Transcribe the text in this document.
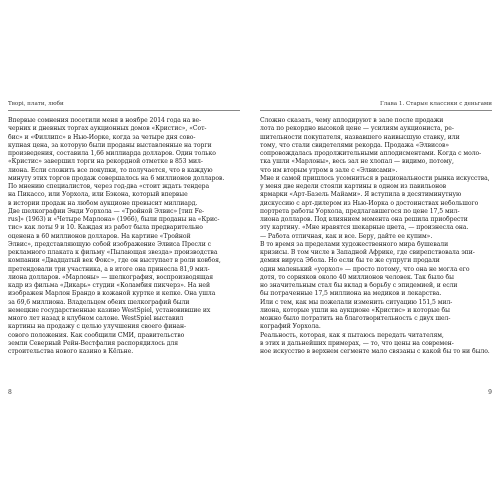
Творі, плати, люби
Впервые сомнения посетили меня в ноябре 2014 года на ве-
черних и дневных торгах аукционных домов «Кристис», «Сот-
бис» и «Филлипс» в Нью-Йорке, когда за четыре дня сово-
купная цена, за которую были проданы выставленные на торги
произведения, составила 1,66 миллиарда долларов. Один только
«Кристис» завершил торги на рекордной отметке в 853 мил-
лиона. Если сложить все покупки, то получается, что в каждую
минуту этих торгов продаж совершалось на 6 миллионов долларов.
По мнению специалистов, через год-два «стоит ждать тендера
на Пикассо, или Уорхола, или Бэкона, который впервые
в истории продаж на любом аукционе превысит миллиард.
Две шелкографии Энди Уорхола — «Тройной Элвис» [тип Fe-
rus]» (1963) и «Четыре Марлона» (1966), были проданы на «Крис-
тис» как лоты 9 и 10. Каждая из работ была предварительно
оценена в 60 миллионов долларов. На картине «Тройной
Элвис», представляющую собой изображение Элвиса Пресли с
рекламного плаката к фильму «Пылающая звезда» производства
компании «Двадцатый век Фокс», где он выступает в роли ковбоя,
претендовали три участника, а в итоге она принесла 81,9 мил-
лиона долларов. «Марлоны» — шелкография, воспроизводящая
кадр из фильма «Дикарь» студии «Коламбия пикчерз». На ней
изображен Марлон Брандо в кожаной куртке и кепке. Она ушла
за 69,6 миллиона. Владельцем обеих шелкографий были
немецкие государственные казино WestSpiel, установившие их
много лет назад в клубном салоне. WestSpiel выставил
картины на продажу с целью улучшения своего финан-
сового положения. Как сообщили СМИ, правительство
земли Северный Рейн-Вестфалия распорядилось для
строительства нового казино в Кёльне.
8
Глава 1. Старые классики с деньгами
Сложно сказать, чему аплодируют в зале после продажи
лота по рекордно высокой цене — усилиям аукциониста, ре-
шительности покупателя, назвавшего наивысшую ставку, или
тому, что стали свидетелями рекорда. Продажа «Элвисов»
сопровождалась продолжительными аплодисментами. Когда с моло-
тка ушли «Марлоны», весь зал не хлопал — видимо, потому,
что им вторым утром в зале с «Элвисами».
Мне и самой пришлось усомниться в рациональности рынка искусства,
у меня две недели стояли картины в одном из павильонов
ярмарки «Арт-Базель Майами». Я вступила в десятиминутную
дискуссию с арт-дилером из Нью-Йорка о достоинствах небольшого
портрета работы Уорхола, предлагавшегося по цене 17,5 мил-
лиона долларов. Под влиянием момента она решила приобрести
эту картину. «Мне нравятся шекарные цвета, — произнесла она.
— Работа отличная, как и все. Беру, дайте ее купим».
В то время за пределами художественного мира бушевали
кризисы. В том числе в Западной Африке, где свирепствовала эпи-
демия вируса Эбола. Но если бы те же супруги продали
один маленький «уорхол» — просто потому, что она не могла его
дотя, то сорняков около 40 миллионов человек. Так было бы
но значительным стал бы вклад в борьбу с эпидемией, и если
бы потраченные 17,5 миллиона на медиков и лекарства.
Или с тем, как мы пожелали изменить ситуацию 151,5 мил-
лиона, которые ушли на аукционе «Кристис» и которые бы
можно было потратить на благотворительность с двух шел-
кографий Уорхола.
Реальность, которая, как я пытаюсь передать читателям,
в этих и дальнейших примерах, — то, что цены на современ-
ное искусство в верхнем сегменте мало связаны с какой бы то ни было.
9
